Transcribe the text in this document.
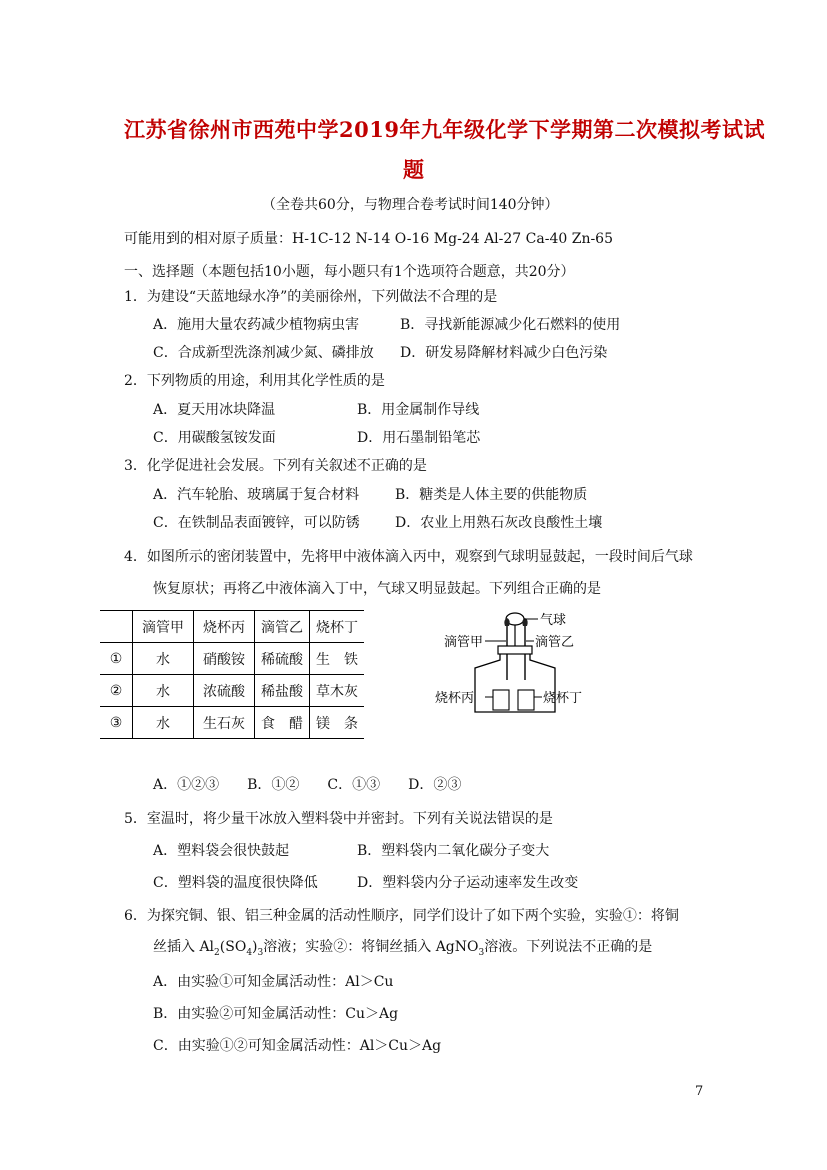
江苏省徐州市西苑中学2019年九年级化学下学期第二次模拟考试试
题
（全卷共60分，与物理合卷考试时间140分钟）
可能用到的相对原子质量：H-1C-12 N-14 O-16 Mg-24 Al-27 Ca-40 Zn-65
一、选择题（本题包括10小题，每小题只有1个选项符合题意，共20分）
1．为建设“天蓝地绿水净”的美丽徐州，下列做法不合理的是
A．施用大量农药减少植物病虫害	B．寻找新能源减少化石燃料的使用
C．合成新型洗涤剂减少氮、磷排放 D．研发易降解材料减少白色污染
2．下列物质的用途，利用其化学性质的是
A．夏天用冰块降温	B．用金属制作导线
C．用碳酸氢铵发面	D．用石墨制铅笔芯
3．化学促进社会发展。下列有关叙述不正确的是
A．汽车轮胎、玻璃属于复合材料	B．糖类是人体主要的供能物质
C．在铁制品表面镀锌，可以防锈	D．农业上用熟石灰改良酸性土壤
4．如图所示的密闭装置中，先将甲中液体滴入丙中，观察到气球明显鼓起，一段时间后气球
恢复原状；再将乙中液体滴入丁中，气球又明显鼓起。下列组合正确的是
	滴管甲	烧杯丙	滴管乙	烧杯丁
①	水	硝酸铵	稀硫酸	生　铁
②	水	浓硫酸	稀盐酸	草木灰
③	水	生石灰	食　醋	镁　条
气球
滴管甲	滴管乙
烧杯丙	烧杯丁
A．①②③　　B．①②　　C．①③　　D．②③
5．室温时，将少量干冰放入塑料袋中并密封。下列有关说法错误的是
A．塑料袋会很快鼓起	B．塑料袋内二氧化碳分子变大
C．塑料袋的温度很快降低	D．塑料袋内分子运动速率发生改变
6．为探究铜、银、铝三种金属的活动性顺序，同学们设计了如下两个实验，实验①：将铜
丝插入 $Al_2(SO_4)_3$溶液；实验②：将铜丝插入 AgNO$_3$溶液。下列说法不正确的是
A．由实验①可知金属活动性：Al＞Cu
B．由实验②可知金属活动性：Cu＞Ag
C．由实验①②可知金属活动性：Al＞Cu＞Ag
7
